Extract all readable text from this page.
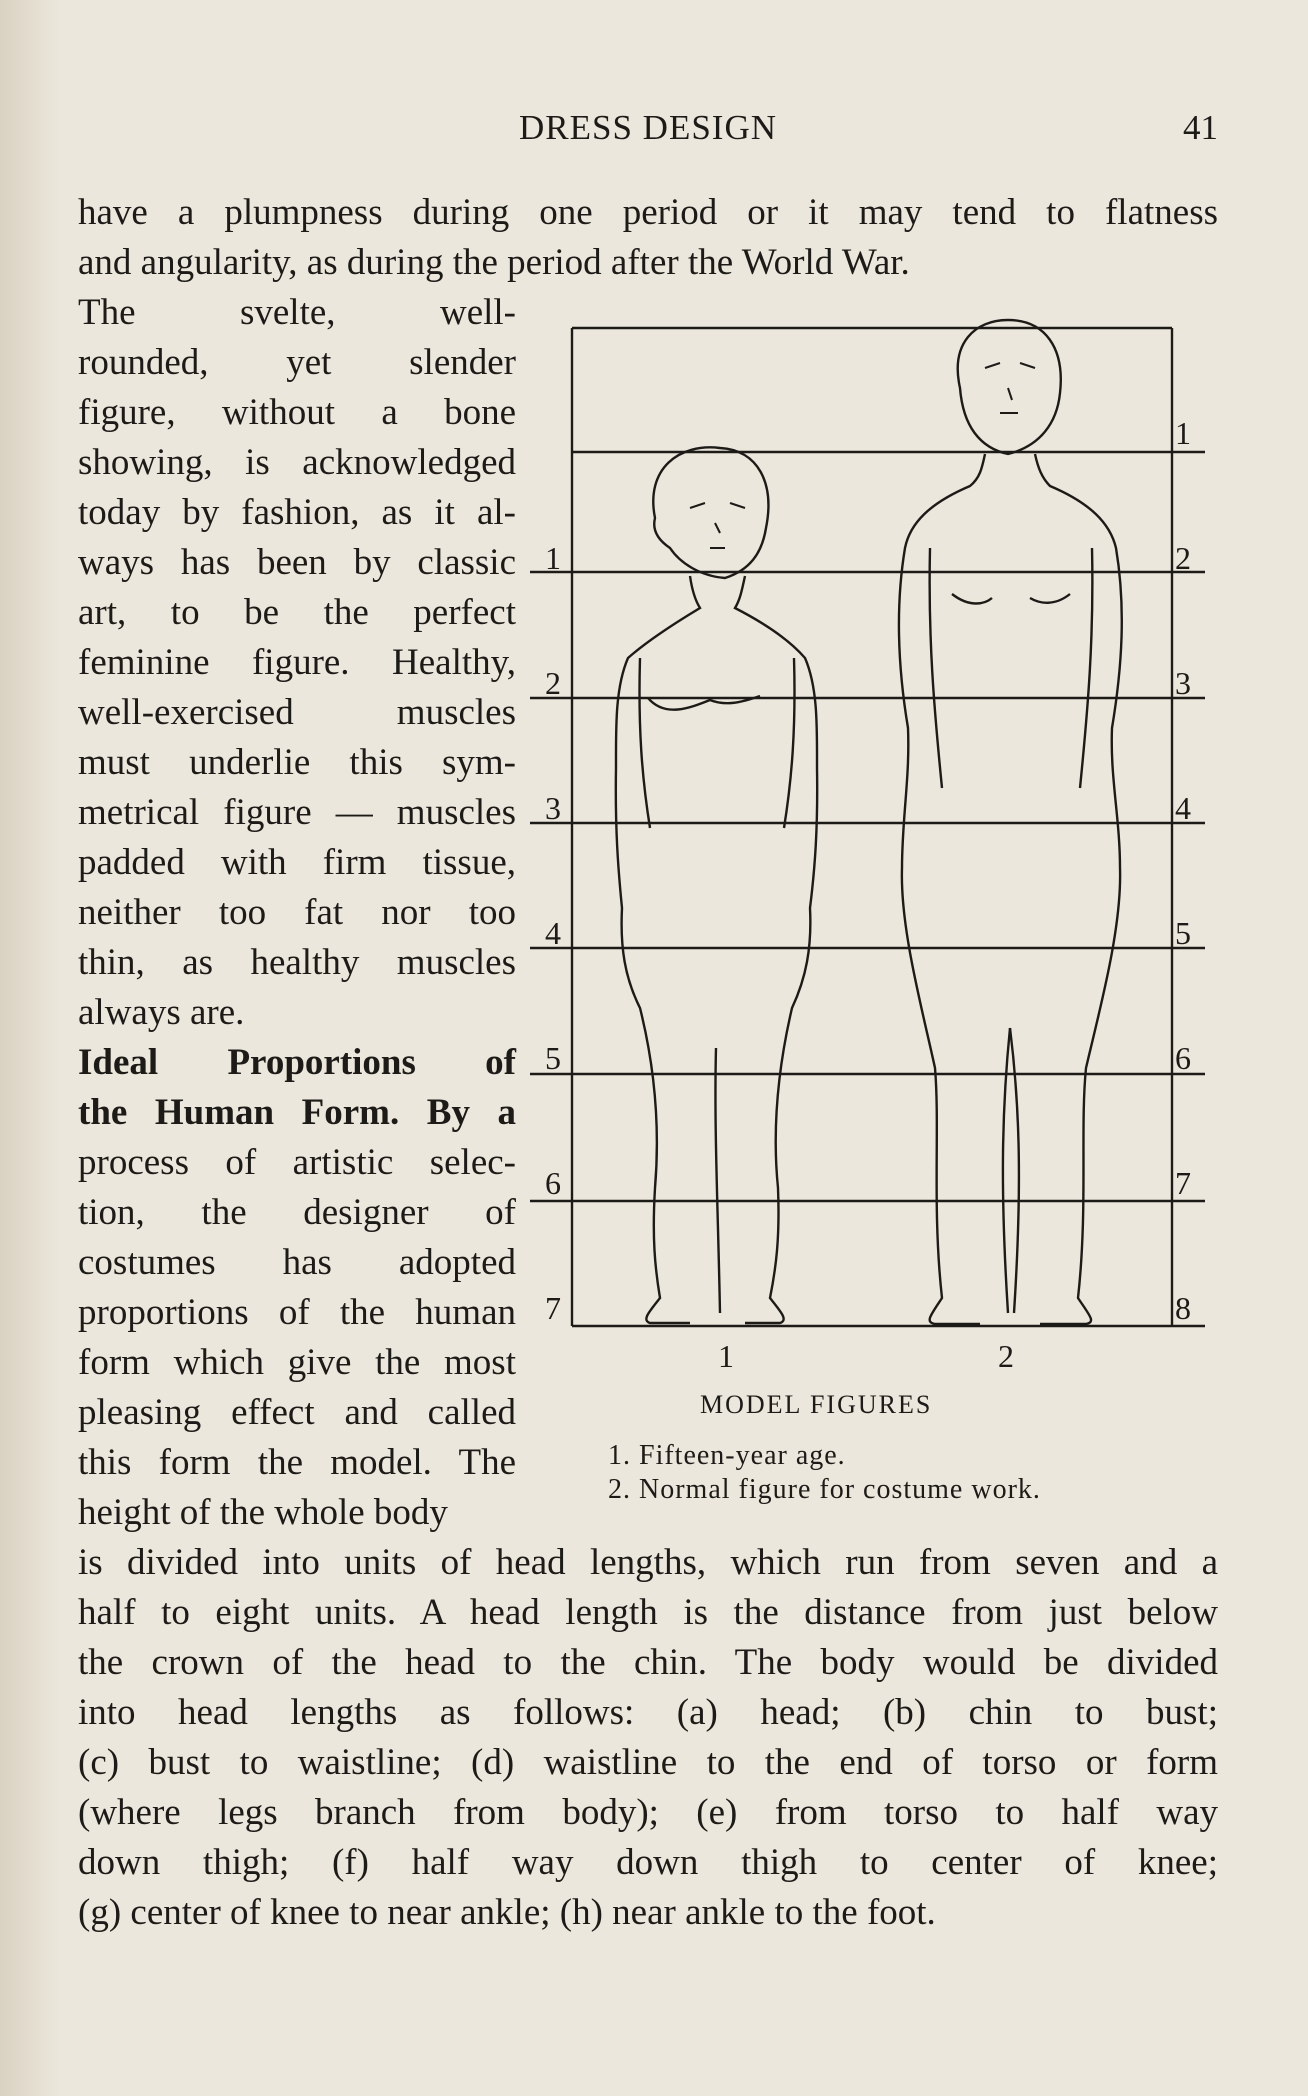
DRESS DESIGN	41
have a plumpness during one period or it may tend to flatness
and angularity, as during the period after the World War.
The svelte, well-
rounded, yet slender
figure, without a bone
showing, is acknowledged
today by fashion, as it al-
ways has been by classic
art, to be the perfect
feminine figure. Healthy,
well-exercised muscles
must underlie this sym-
metrical figure — muscles
padded with firm tissue,
neither too fat nor too
thin, as healthy muscles
always are.
Ideal Proportions of
the Human Form. By a
process of artistic selec-
tion, the designer of
costumes has adopted
proportions of the human
form which give the most
pleasing effect and called
this form the model. The
height of the whole body
1
2
3
4
5
6
7
1
2
3
4
5
6
7
8
1	2
MODEL FIGURES
1. Fifteen-year age.
2. Normal figure for costume work.
is divided into units of head lengths, which run from seven and a
half to eight units. A head length is the distance from just below
the crown of the head to the chin. The body would be divided
into head lengths as follows: (a) head; (b) chin to bust;
(c) bust to waistline; (d) waistline to the end of torso or form
(where legs branch from body); (e) from torso to half way
down thigh; (f) half way down thigh to center of knee;
(g) center of knee to near ankle; (h) near ankle to the foot.
